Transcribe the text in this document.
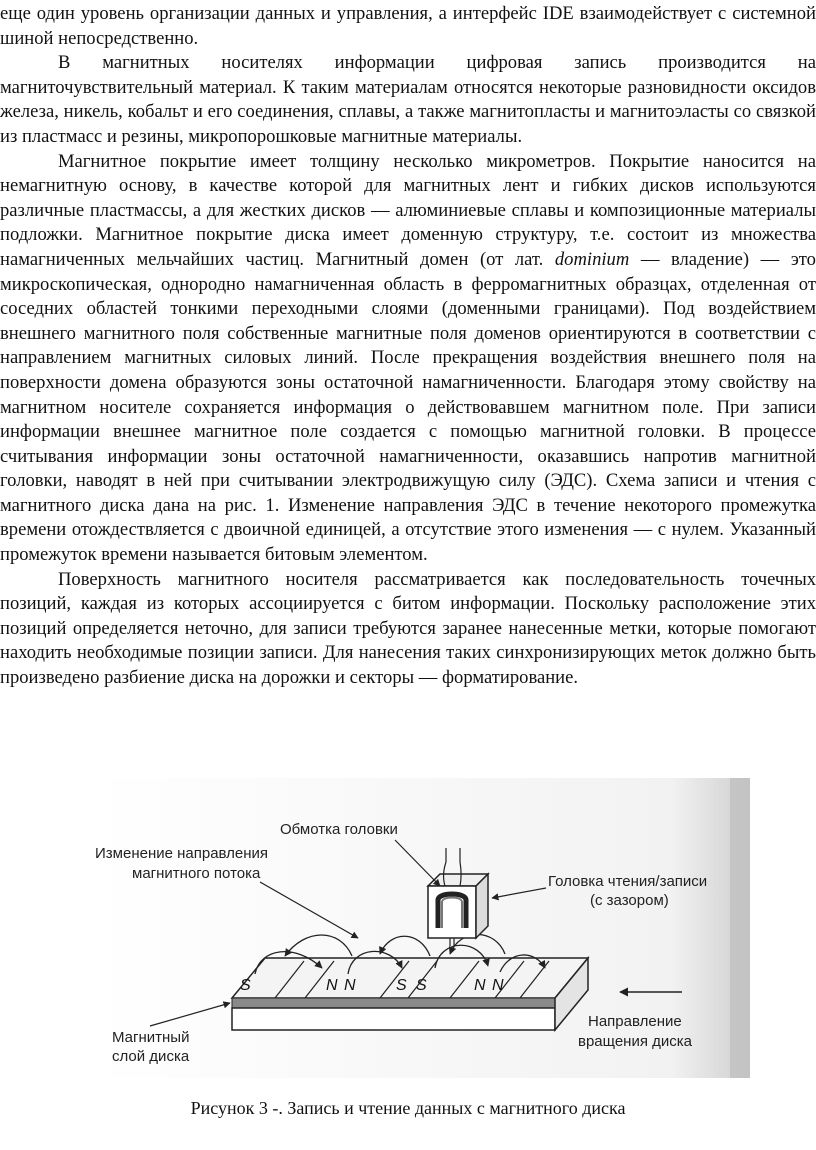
еще один уровень организации данных и управления, а интерфейс IDE взаимодействует с системной шиной непосредственно.

В магнитных носителях информации цифровая запись производится на магниточувствительный материал. К таким материалам относятся некоторые разновидности оксидов железа, никель, кобальт и его соединения, сплавы, а также магнитопласты и магнитоэласты со связкой из пластмасс и резины, микропорошковые магнитные материалы.

Магнитное покрытие имеет толщину несколько микрометров. Покрытие наносится на немагнитную основу, в качестве которой для магнитных лент и гибких дисков используются различные пластмассы, а для жестких дисков — алюминиевые сплавы и композиционные материалы подложки. Магнитное покрытие диска имеет доменную структуру, т.е. состоит из множества намагниченных мельчайших частиц. Магнитный домен (от лат. dominium — владение) — это микроскопическая, однородно намагниченная область в ферромагнитных образцах, отделенная от соседних областей тонкими переходными слоями (доменными границами). Под воздействием внешнего магнитного поля собственные магнитные поля доменов ориентируются в соответствии с направлением магнитных силовых линий. После прекращения воздействия внешнего поля на поверхности домена образуются зоны остаточной намагниченности. Благодаря этому свойству на магнитном носителе сохраняется информация о действовавшем магнитном поле. При записи информации внешнее магнитное поле создается с помощью магнитной головки. В процессе считывания информации зоны остаточной намагниченности, оказавшись напротив магнитной головки, наводят в ней при считывании электродвижущую силу (ЭДС). Схема записи и чтения с магнитного диска дана на рис. 1. Изменение направления ЭДС в течение некоторого промежутка времени отождествляется с двоичной единицей, а отсутствие этого изменения — с нулем. Указанный промежуток времени называется битовым элементом.

Поверхность магнитного носителя рассматривается как последовательность точечных позиций, каждая из которых ассоциируется с битом информации. Поскольку расположение этих позиций определяется неточно, для записи требуются заранее нанесенные метки, которые помогают находить необходимые позиции записи. Для нанесения таких синхронизирующих меток должно быть произведено разбиение диска на дорожки и секторы — форматирование.

S	N N	S S	N N
Обмотка головки
Изменение направления
магнитного потока	Головка чтения/записи
(с зазором)
Магнитный
слой диска
Направление
вращения диска
Рисунок 3 -. Запись и чтение данных с магнитного диска
